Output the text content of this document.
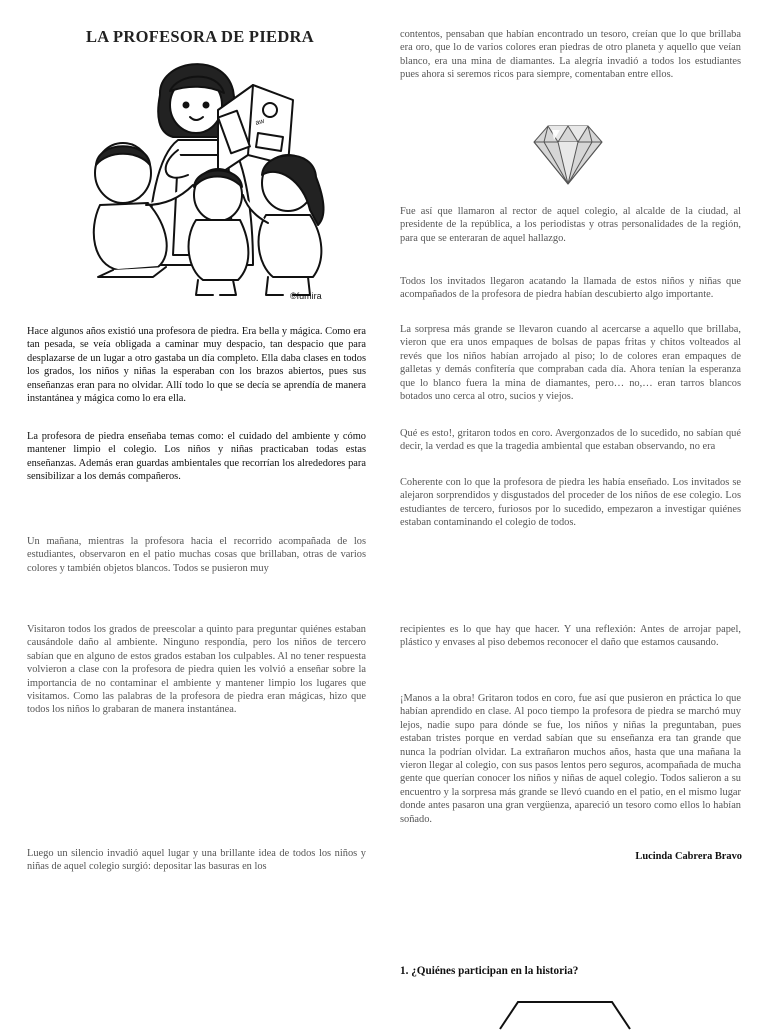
LA PROFESORA DE PIEDRA
©fumira
aw

Hace algunos años existió una profesora de piedra. Era bella y mágica. Como era tan pesada, se veía obligada a caminar muy despacio, tan despacio que para desplazarse de un lugar a otro gastaba un día completo. Ella daba clases en todos los grados, los niños y niñas la esperaban con los brazos abiertos, pues sus enseñanzas eran para no olvidar. Allí todo lo que se decía se aprendía de manera instantánea y mágica como lo era ella.

La profesora de piedra enseñaba temas como: el cuidado del ambiente y cómo mantener limpio el colegio. Los niños y niñas practicaban todas estas enseñanzas. Además eran guardas ambientales que recorrían los alrededores para sensibilizar a los demás compañeros.

Un mañana, mientras la profesora hacia el recorrido acompañada de los estudiantes, observaron en el patio muchas cosas que brillaban, otras de varios colores y también objetos blancos. Todos se pusieron muy

Visitaron todos los grados de preescolar a quinto para preguntar quiénes estaban causándole daño al ambiente. Ninguno respondía, pero los niños de tercero sabían que en alguno de estos grados estaban los culpables. Al no tener respuesta volvieron a clase con la profesora de piedra quien les volvió a enseñar sobre la importancia de no contaminar el ambiente y mantener limpio los lugares que visitamos. Como las palabras de la profesora de piedra eran mágicas, hizo que todos los niños lo grabaran de manera instantánea.

Luego un silencio invadió aquel lugar y una brillante idea de todos los niños y niñas de aquel colegio surgió: depositar las basuras en los

contentos, pensaban que habían encontrado un tesoro, creían que lo que brillaba era oro, que lo de varios colores eran piedras de otro planeta y aquello que veían blanco, era una mina de diamantes. La alegría invadió a todos los estudiantes pues ahora si seremos ricos para siempre, comentaban entre ellos.

Fue así que llamaron al rector de aquel colegio, al alcalde de la ciudad, al presidente de la república, a los periodistas y otras personalidades de la región, para que se enteraran de aquel hallazgo.

Todos los invitados llegaron acatando la llamada de estos niños y niñas que acompañados de la profesora de piedra habían descubierto algo importante.

La sorpresa más grande se llevaron cuando al acercarse a aquello que brillaba, vieron que era unos empaques de bolsas de papas fritas y chitos volteados al revés que los niños habían arrojado al piso; lo de colores eran empaques de galletas y demás confitería que compraban cada día. Ahora tenían la esperanza que lo blanco fuera la mina de diamantes, pero… no,… eran tarros blancos botados uno cerca al otro, sucios y viejos.

Qué es esto!, gritaron todos en coro. Avergonzados de lo sucedido, no sabían qué decir, la verdad es que la tragedia ambiental que estaban observando, no era

Coherente con lo que la profesora de piedra les había enseñado. Los invitados se alejaron sorprendidos y disgustados del proceder de los niños de ese colegio. Los estudiantes de tercero, furiosos por lo sucedido, empezaron a investigar quiénes estaban contaminando el colegio de todos.

recipientes es lo que hay que hacer. Y una reflexión: Antes de arrojar papel, plástico y envases al piso debemos reconocer el daño que estamos causando.

¡Manos a la obra! Gritaron todos en coro, fue así que pusieron en práctica lo que habían aprendido en clase. Al poco tiempo la profesora de piedra se marchó muy lejos, nadie supo para dónde se fue, los niños y niñas la preguntaban, pues estaban tristes porque en verdad sabían que su enseñanza era tan grande que nunca la podrían olvidar. La extrañaron muchos años, hasta que una mañana la vieron llegar al colegio, con sus pasos lentos pero seguros, acompañada de mucha gente que querían conocer los niños y niñas de aquel colegio. Todos salieron a su encuentro y la sorpresa más grande se llevó cuando en el patio, en el mismo lugar donde antes pasaron una gran vergüenza, apareció un tesoro como ellos lo habían soñado.

Lucinda Cabrera Bravo
1. ¿Quiénes participan en la historia?
